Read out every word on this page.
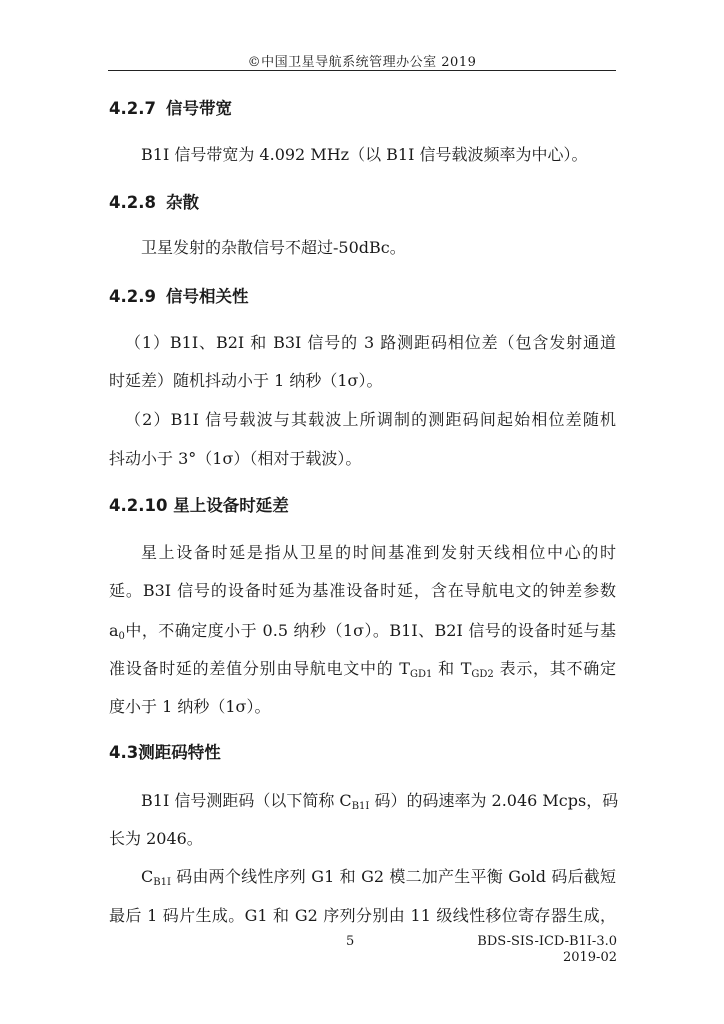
©中国卫星导航系统管理办公室 2019
4.2.7 信号带宽
B1I 信号带宽为 4.092 MHz（以 B1I 信号载波频率为中心）。
4.2.8 杂散
卫星发射的杂散信号不超过-50dBc。
4.2.9 信号相关性
（1）B1I、B2I 和 B3I 信号的 3 路测距码相位差（包含发射通道
时延差）随机抖动小于 1 纳秒（1σ）。
（2）B1I 信号载波与其载波上所调制的测距码间起始相位差随机
抖动小于 3°（1σ）（相对于载波）。
4.2.10 星上设备时延差
星上设备时延是指从卫星的时间基准到发射天线相位中心的时
延。B3I 信号的设备时延为基准设备时延，含在导航电文的钟差参数
$a_0$中，不确定度小于 0.5 纳秒（1σ）。B1I、B2I 信号的设备时延与基
准设备时延的差值分别由导航电文中的 $T_{GD1}$ 和 $T_{GD2}$ 表示，其不确定
度小于 1 纳秒（1σ）。
4.3测距码特性
B1I 信号测距码（以下简称 $C_{B1I}$ 码）的码速率为 2.046 Mcps，码
长为 2046。
$C_{B1I}$ 码由两个线性序列 G1 和 G2 模二加产生平衡 Gold 码后截短
最后 1 码片生成。G1 和 G2 序列分别由 11 级线性移位寄存器生成，
5	BDS-SIS-ICD-B1I-3.0
2019-02
